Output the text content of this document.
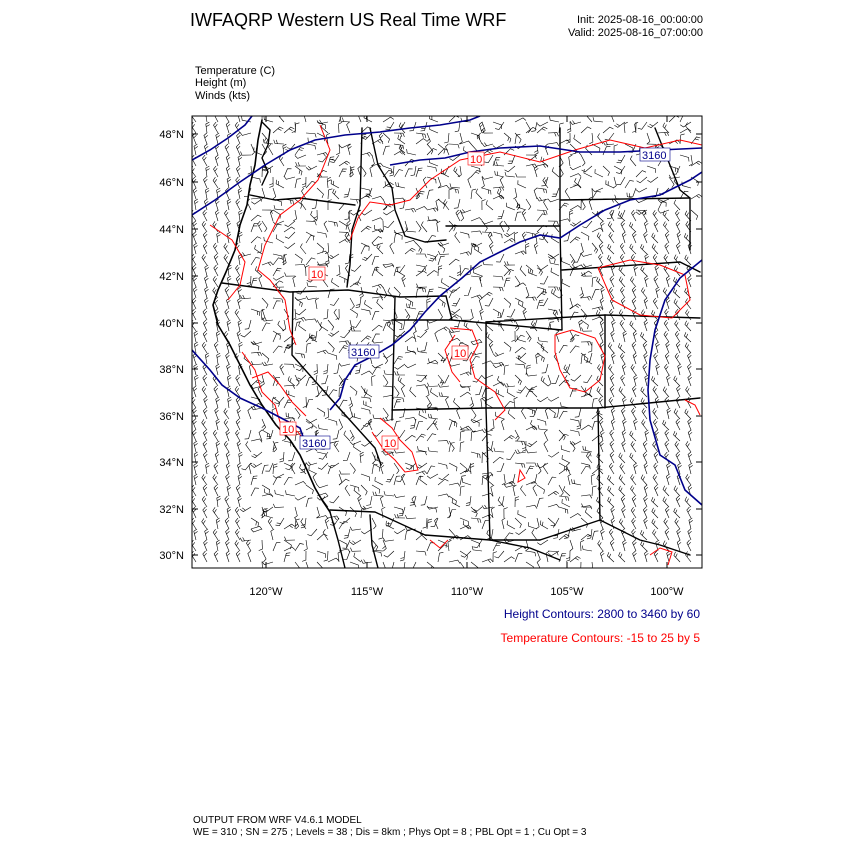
IWFAQRP Western US Real Time WRF	Init: 2025-08-16_00:00:00
Valid: 2025-08-16_07:00:00
Temperature (C)
Height (m)
Winds (kts)
48°N
46°N
44°N
42°N
40°N
38°N
36°N
34°N
32°N
30°N
120°W	115°W	110°W	105°W	100°W
3160
3160
3160
10
10
10
10
10
Height Contours: 2800 to 3460 by 60
Temperature Contours: -15 to 25 by 5
OUTPUT FROM WRF V4.6.1 MODEL
WE = 310 ; SN = 275 ; Levels = 38 ; Dis = 8km ; Phys Opt = 8 ; PBL Opt = 1 ; Cu Opt = 3
